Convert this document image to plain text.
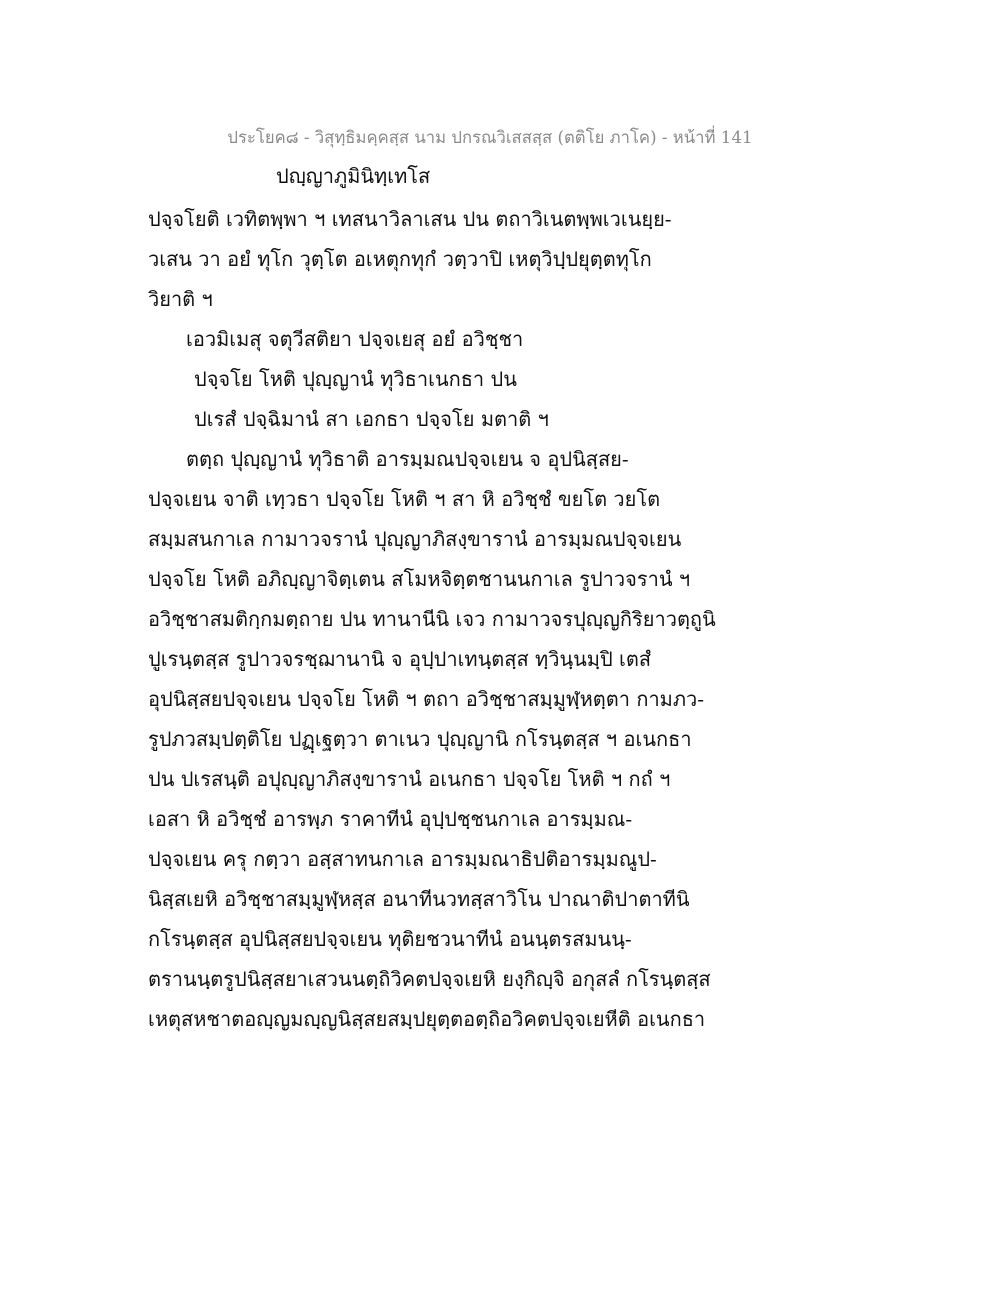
ประโยค๘ - วิสุทฺธิมคฺคสฺส นาม ปกรณวิเสสสฺส (ตติโย ภาโค) - หน้าที่ 141
ปญฺญาภูมินิทฺเทโส
ปจฺจโยติ เวทิตพฺพา ฯ เทสนาวิลาเสน ปน ตถาวิเนตพฺพเวเนยฺย-
วเสน วา อยํ ทุโก วุตฺโต อเหตุกทุกํ วตฺวาปิ เหตุวิปฺปยุตฺตทุโก
วิยาติ ฯ
เอวมิเมสุ จตุวีสติยา ปจฺจเยสุ อยํ อวิชฺชา
ปจฺจโย โหติ ปุญฺญานํ ทุวิธาเนกธา ปน
ปเรสํ ปจฺฉิมานํ สา เอกธา ปจฺจโย มตาติ ฯ
ตตฺถ ปุญฺญานํ ทุวิธาติ อารมฺมณปจฺจเยน จ อุปนิสฺสย-
ปจฺจเยน จาติ เทฺวธา ปจฺจโย โหติ ฯ สา หิ อวิชฺชํ ขยโต วยโต
สมฺมสนกาเล กามาวจรานํ ปุญฺญาภิสงฺขารานํ อารมฺมณปจฺจเยน
ปจฺจโย โหติ อภิญฺญาจิตฺเตน สโมหจิตฺตชานนกาเล รูปาวจรานํ ฯ
อวิชฺชาสมติกฺกมตฺถาย ปน ทานานีนิ เจว กามาวจรปุญฺญกิริยาวตฺถูนิ
ปูเรนฺตสฺส รูปาวจรชฺฌานานิ จ อุปฺปาเทนฺตสฺส ทฺวินฺนมฺปิ เตสํ
อุปนิสฺสยปจฺจเยน ปจฺจโย โหติ ฯ ตถา อวิชฺชาสมฺมูฬฺหตฺตา กามภว-
รูปภวสมฺปตฺติโย ปฏฺเฐตฺวา ตาเนว ปุญฺญานิ กโรนฺตสฺส ฯ อเนกธา
ปน ปเรสนฺติ อปุญฺญาภิสงฺขารานํ อเนกธา ปจฺจโย โหติ ฯ กถํ ฯ
เอสา หิ อวิชฺชํ อารพฺภ ราคาทีนํ อุปฺปชฺชนกาเล อารมฺมณ-
ปจฺจเยน ครุ กตฺวา อสฺสาทนกาเล อารมฺมณาธิปติอารมฺมณูป-
นิสฺสเยหิ อวิชฺชาสมฺมูฬฺหสฺส อนาทีนวทสฺสาวิโน ปาณาติปาตาทีนิ
กโรนฺตสฺส อุปนิสฺสยปจฺจเยน ทุติยชวนาทีนํ อนนฺตรสมนนฺ-
ตรานนฺตรูปนิสฺสยาเสวนนตฺถิวิคตปจฺจเยหิ ยงฺกิญฺจิ อกุสลํ กโรนฺตสฺส
เหตุสหชาตอญฺญมญฺญนิสฺสยสมฺปยุตฺตอตฺถิอวิคตปจฺจเยหีติ อเนกธา
